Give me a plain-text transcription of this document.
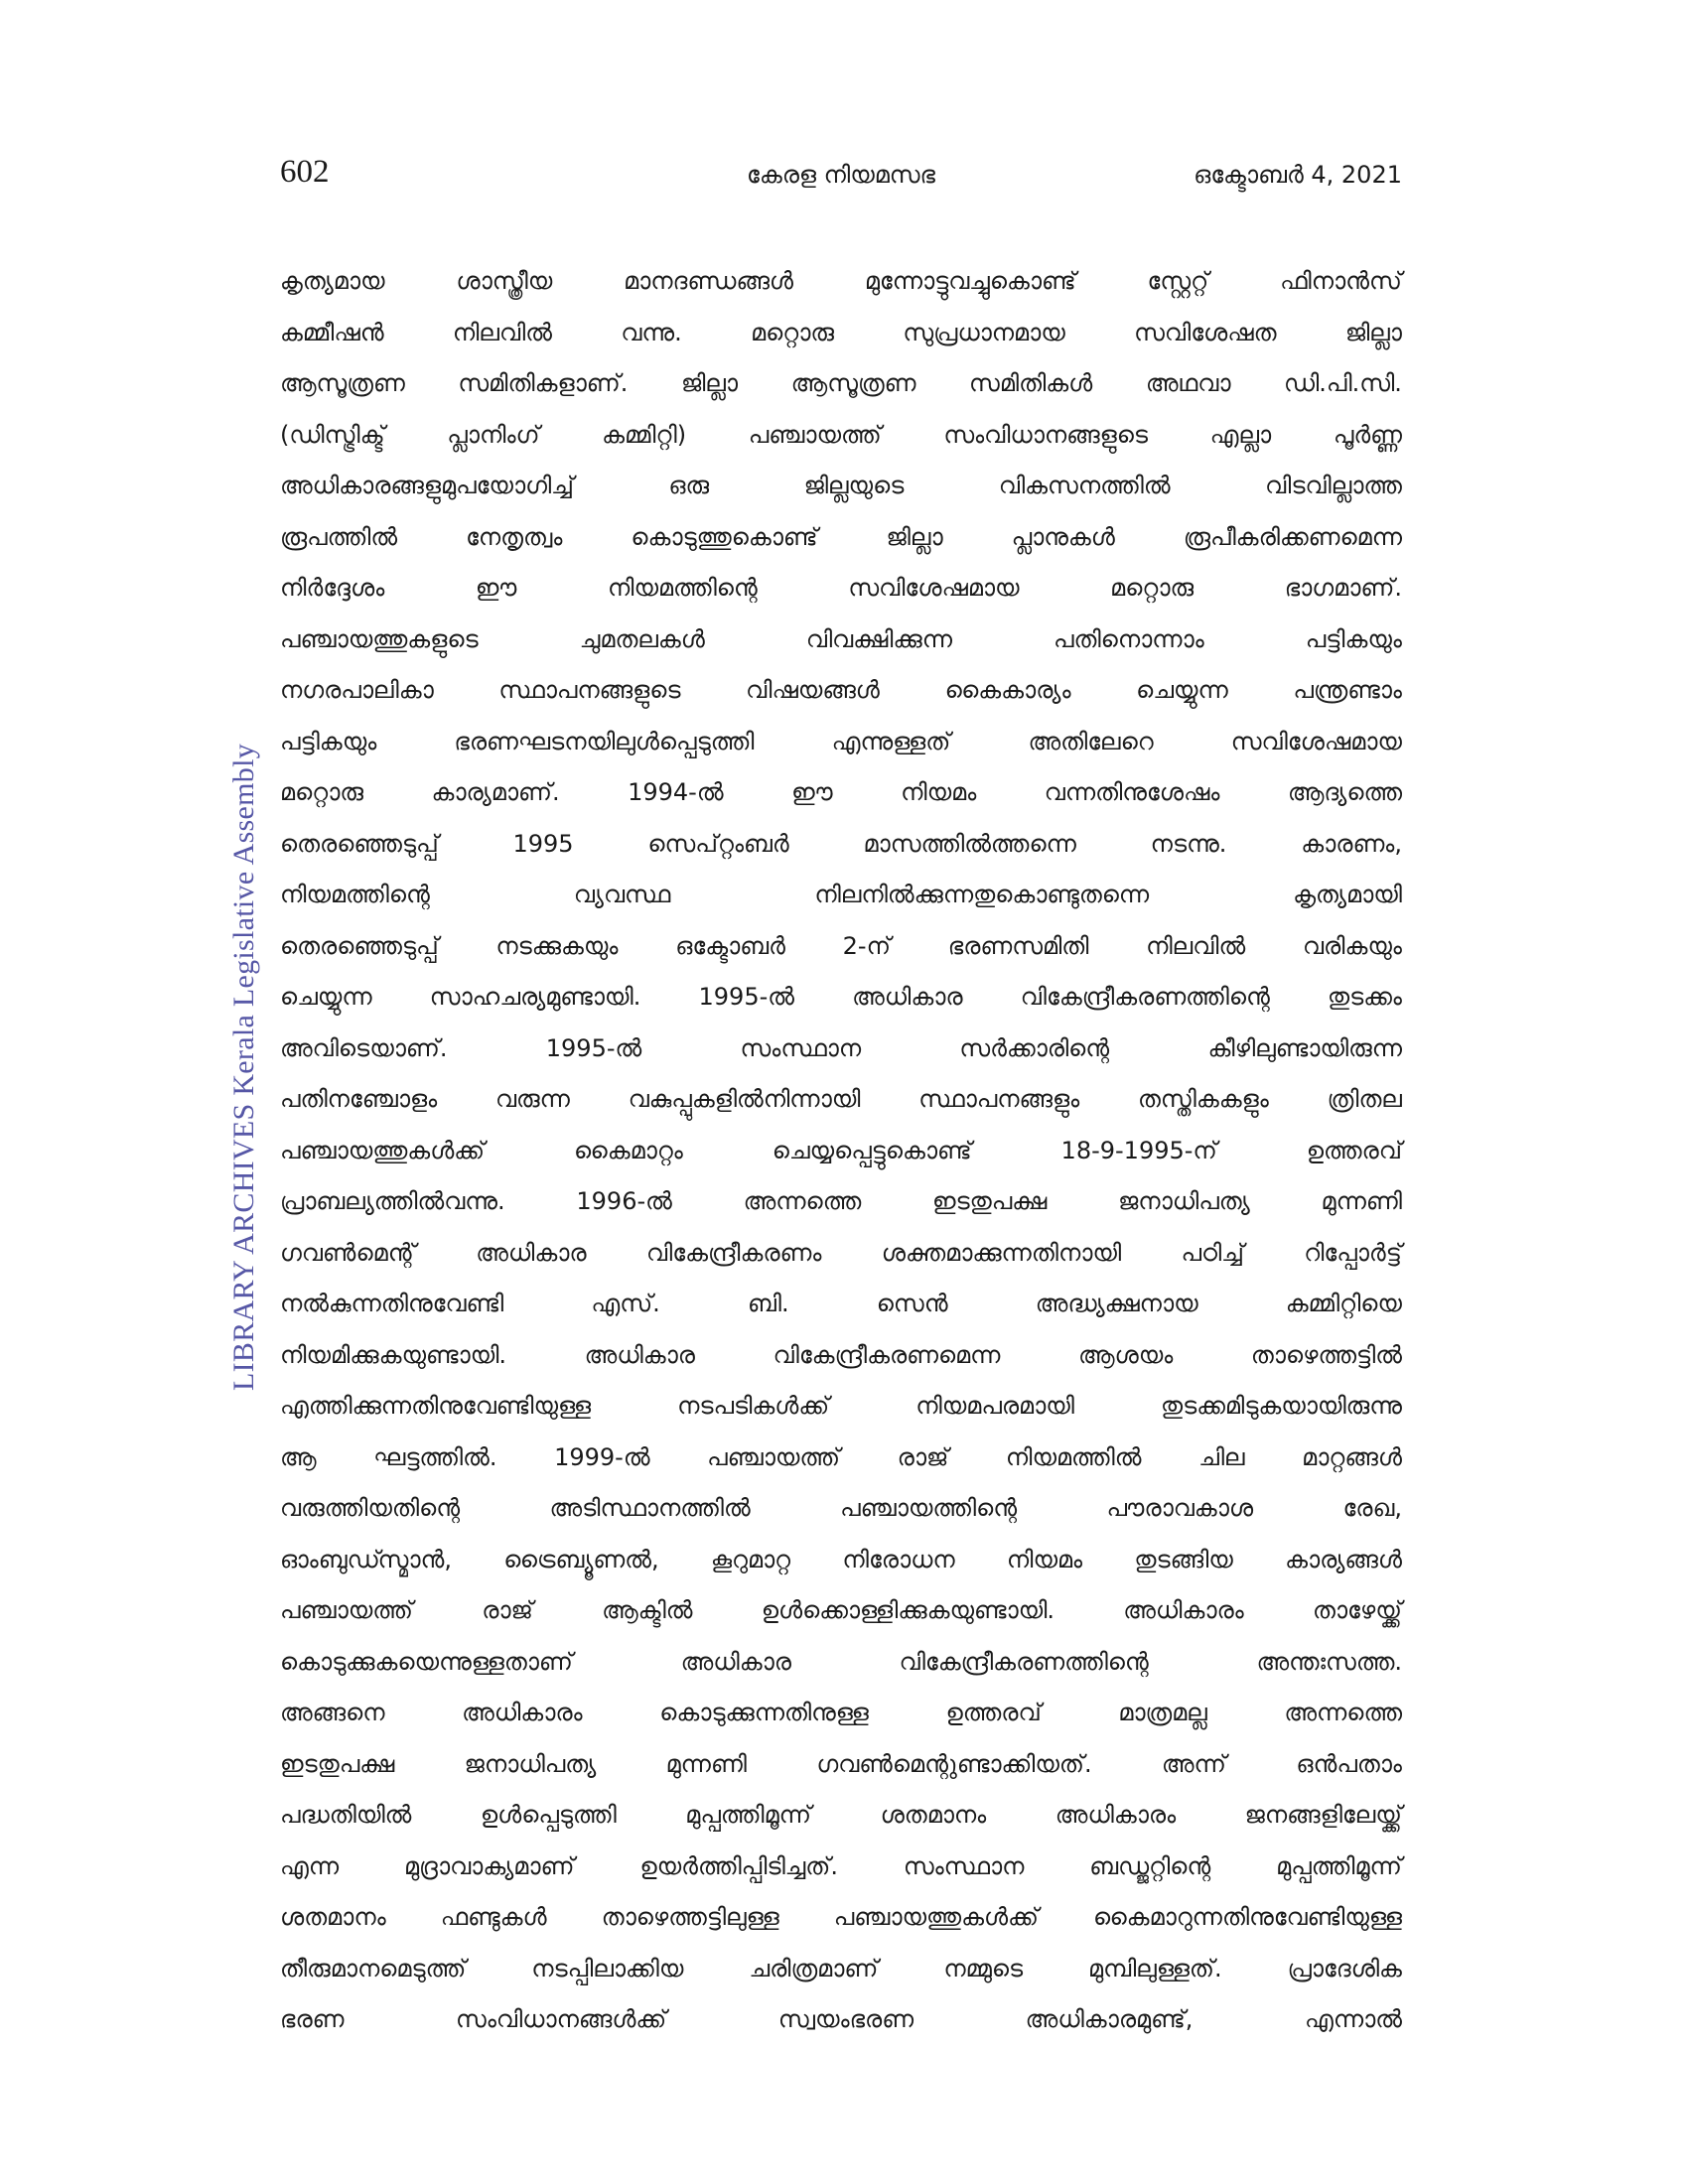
602	കേരള നിയമസഭ	ഒക്ടോബർ 4, 2021
LIBRARY ARCHIVES Kerala Legislative Assembly
കൃത്യമായ	ശാസ്ത്രീയ	മാനദണ്ഡങ്ങൾ	മുന്നോട്ടുവച്ചുകൊണ്ട്	സ്റ്റേറ്റ്	ഫിനാൻസ്
കമ്മീഷൻ	നിലവിൽ	വന്നു.	മറ്റൊരു	സുപ്രധാനമായ	സവിശേഷത	ജില്ലാ
ആസൂത്രണ സമിതികളാണ്. ജില്ലാ ആസൂത്രണ സമിതികൾ അഥവാ ഡി.പി.സി.
(ഡിസ്ട്രിക്ട്	പ്ലാനിംഗ്	കമ്മിറ്റി)	പഞ്ചായത്ത്	സംവിധാനങ്ങളുടെ	എല്ലാ	പൂർണ്ണ
അധികാരങ്ങളുമുപയോഗിച്ച്	ഒരു	ജില്ലയുടെ	വികസനത്തിൽ	വിടവില്ലാത്ത
രൂപത്തിൽ	നേതൃത്വം	കൊടുത്തുകൊണ്ട്	ജില്ലാ	പ്ലാനുകൾ	രൂപീകരിക്കണമെന്ന
നിർദ്ദേശം	ഈ	നിയമത്തിന്റെ	സവിശേഷമായ	മറ്റൊരു	ഭാഗമാണ്.
പഞ്ചായത്തുകളുടെ	ചുമതലകൾ	വിവക്ഷിക്കുന്ന	പതിനൊന്നാം	പട്ടികയും
നഗരപാലികാ	സ്ഥാപനങ്ങളുടെ	വിഷയങ്ങൾ	കൈകാര്യം	ചെയ്യുന്ന	പന്ത്രണ്ടാം
പട്ടികയും	ഭരണഘടനയിലുൾപ്പെടുത്തി	എന്നുള്ളത്	അതിലേറെ	സവിശേഷമായ
മറ്റൊരു	കാര്യമാണ്.	1994-ൽ	ഈ	നിയമം	വന്നതിനുശേഷം	ആദ്യത്തെ
തെരഞ്ഞെടുപ്പ്	1995	സെപ്റ്റംബർ	മാസത്തിൽത്തന്നെ	നടന്നു.	കാരണം,
നിയമത്തിന്റെ	വ്യവസ്ഥ	നിലനിൽക്കുന്നതുകൊണ്ടുതന്നെ	കൃത്യമായി
തെരഞ്ഞെടുപ്പ് നടക്കുകയും ഒക്ടോബർ 2-ന് ഭരണസമിതി നിലവിൽ വരികയും
ചെയ്യുന്ന സാഹചര്യമുണ്ടായി. 1995-ൽ അധികാര വികേന്ദ്രീകരണത്തിന്റെ തുടക്കം
അവിടെയാണ്.	1995-ൽ	സംസ്ഥാന	സർക്കാരിന്റെ	കീഴിലുണ്ടായിരുന്ന
പതിനഞ്ചോളം വരുന്ന വകുപ്പുകളിൽനിന്നായി സ്ഥാപനങ്ങളും തസ്തികകളും ത്രിതല
പഞ്ചായത്തുകൾക്ക്	കൈമാറ്റം	ചെയ്യപ്പെട്ടുകൊണ്ട്	18-9-1995-ന്	ഉത്തരവ്
പ്രാബല്യത്തിൽവന്നു.	1996-ൽ	അന്നത്തെ	ഇടതുപക്ഷ	ജനാധിപത്യ	മുന്നണി
ഗവൺമെന്റ്	അധികാര	വികേന്ദ്രീകരണം	ശക്തമാക്കുന്നതിനായി	പഠിച്ച്	റിപ്പോർട്ട്
നൽകുന്നതിനുവേണ്ടി	എസ്.	ബി.	സെൻ	അദ്ധ്യക്ഷനായ	കമ്മിറ്റിയെ
നിയമിക്കുകയുണ്ടായി.	അധികാര	വികേന്ദ്രീകരണമെന്ന	ആശയം	താഴെത്തട്ടിൽ
എത്തിക്കുന്നതിനുവേണ്ടിയുള്ള	നടപടികൾക്ക്	നിയമപരമായി	തുടക്കമിടുകയായിരുന്നു
ആ ഘട്ടത്തിൽ. 1999-ൽ പഞ്ചായത്ത് രാജ് നിയമത്തിൽ ചില മാറ്റങ്ങൾ
വരുത്തിയതിന്റെ	അടിസ്ഥാനത്തിൽ	പഞ്ചായത്തിന്റെ	പൗരാവകാശ	രേഖ,
ഓംബുഡ്സ്മാൻ, ട്രൈബ്യൂണൽ, കൂറുമാറ്റ നിരോധന നിയമം തുടങ്ങിയ കാര്യങ്ങൾ
പഞ്ചായത്ത്	രാജ്	ആക്ടിൽ	ഉൾക്കൊള്ളിക്കുകയുണ്ടായി.	അധികാരം	താഴേയ്ക്ക്
കൊടുക്കുകയെന്നുള്ളതാണ്	അധികാര	വികേന്ദ്രീകരണത്തിന്റെ	അന്തഃസത്ത.
അങ്ങനെ	അധികാരം	കൊടുക്കുന്നതിനുള്ള	ഉത്തരവ്	മാത്രമല്ല	അന്നത്തെ
ഇടതുപക്ഷ	ജനാധിപത്യ	മുന്നണി	ഗവൺമെന്റുണ്ടാക്കിയത്.	അന്ന്	ഒൻപതാം
പദ്ധതിയിൽ	ഉൾപ്പെടുത്തി	മുപ്പത്തിമൂന്ന്	ശതമാനം	അധികാരം	ജനങ്ങളിലേയ്ക്ക്
എന്ന	മുദ്രാവാക്യമാണ്	ഉയർത്തിപ്പിടിച്ചത്.	സംസ്ഥാന	ബഡ്ജറ്റിന്റെ	മുപ്പത്തിമൂന്ന്
ശതമാനം ഫണ്ടുകൾ താഴെത്തട്ടിലുള്ള പഞ്ചായത്തുകൾക്ക് കൈമാറുന്നതിനുവേണ്ടിയുള്ള
തീരുമാനമെടുത്ത്	നടപ്പിലാക്കിയ	ചരിത്രമാണ്	നമ്മുടെ	മുമ്പിലുള്ളത്.	പ്രാദേശിക
ഭരണ	സംവിധാനങ്ങൾക്ക്	സ്വയംഭരണ	അധികാരമുണ്ട്,	എന്നാൽ
